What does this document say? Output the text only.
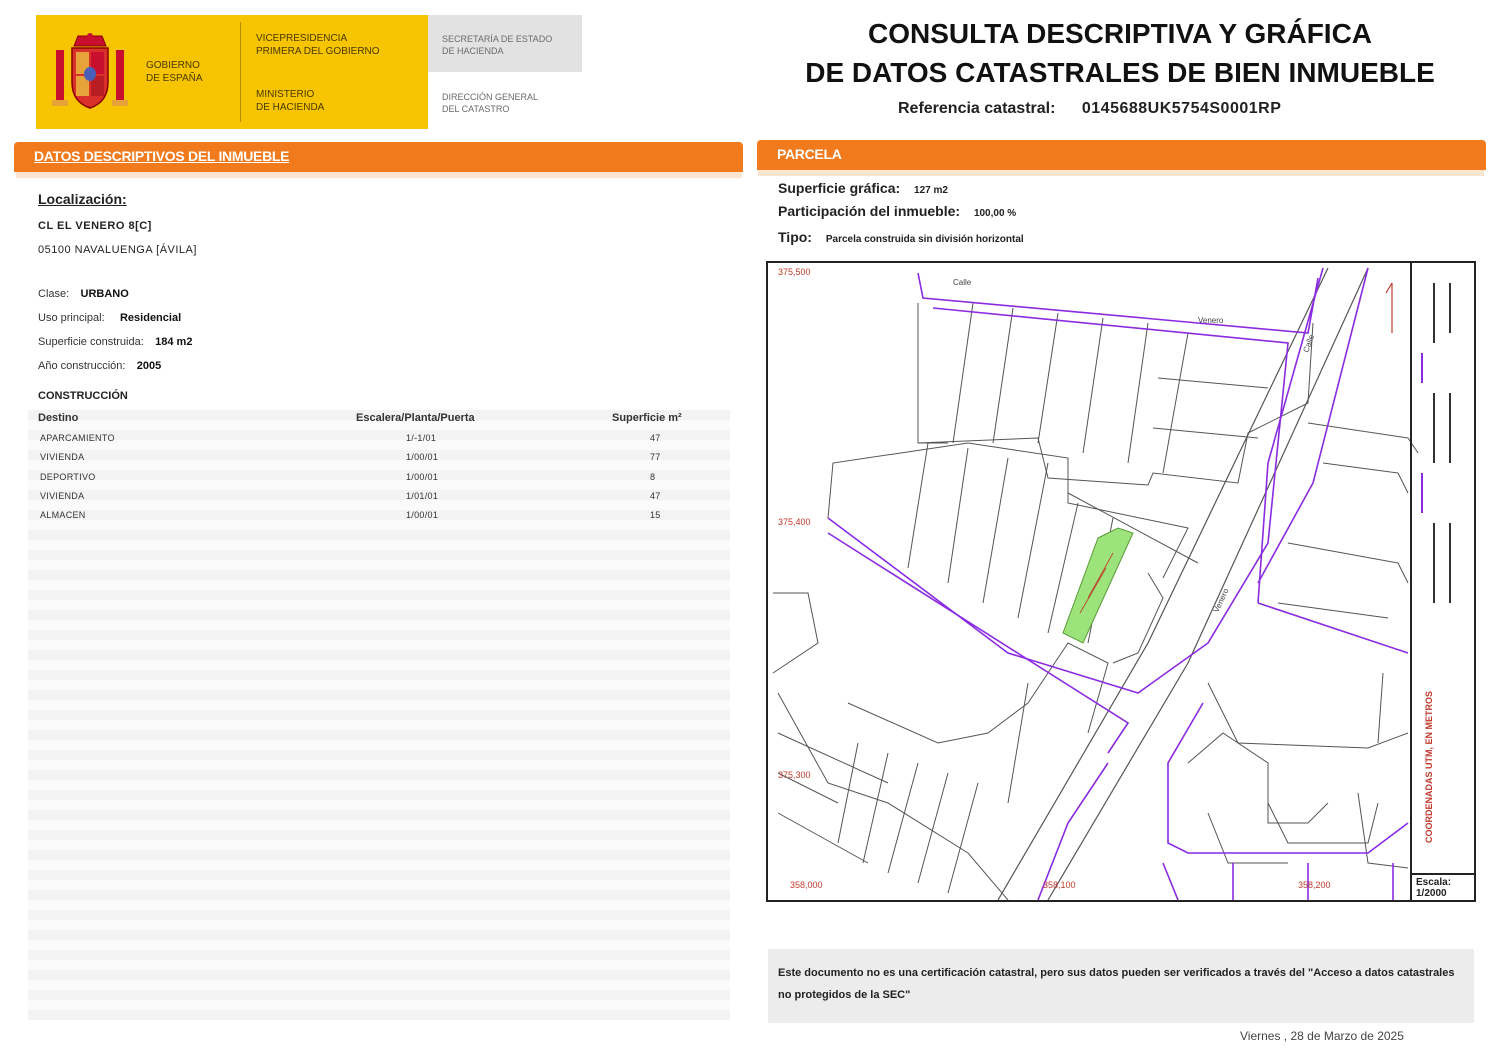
GOBIERNO
DE ESPAÑA
VICEPRESIDENCIA
PRIMERA DEL GOBIERNO
MINISTERIO
DE HACIENDA
SECRETARÍA DE ESTADO
DE HACIENDA
DIRECCIÓN GENERAL
DEL CATASTRO
CONSULTA DESCRIPTIVA Y GRÁFICA
DE DATOS CATASTRALES DE BIEN INMUEBLE
Referencia catastral: 0145688UK5754S0001RP
DATOS DESCRIPTIVOS DEL INMUEBLE
Localización:
CL EL VENERO 8[C]
05100 NAVALUENGA [ÁVILA]
Clase: URBANO
Uso principal: Residencial
Superficie construida: 184 m2
Año construcción: 2005
CONSTRUCCIÓN
Destino	Escalera/Planta/Puerta	Superficie m²
APARCAMIENTO	1/-1/01	47
VIVIENDA	1/00/01	77
DEPORTIVO	1/00/01	8
VIVIENDA	1/01/01	47
ALMACEN	1/00/01	15
PARCELA
Superficie gráfica: 127 m2
Participación del inmueble: 100,00 %
Tipo: Parcela construida sin división horizontal
375,500
375,400
375,300
358,000	358,100	358,200
Calle
Venero
Venero
Calle
COORDENADAS UTM, EN METROS
Escala:
1/2000
Este documento no es una certificación catastral, pero sus datos pueden ser verificados a través del "Acceso a datos catastrales no protegidos de la SEC"
Viernes , 28 de Marzo de 2025
